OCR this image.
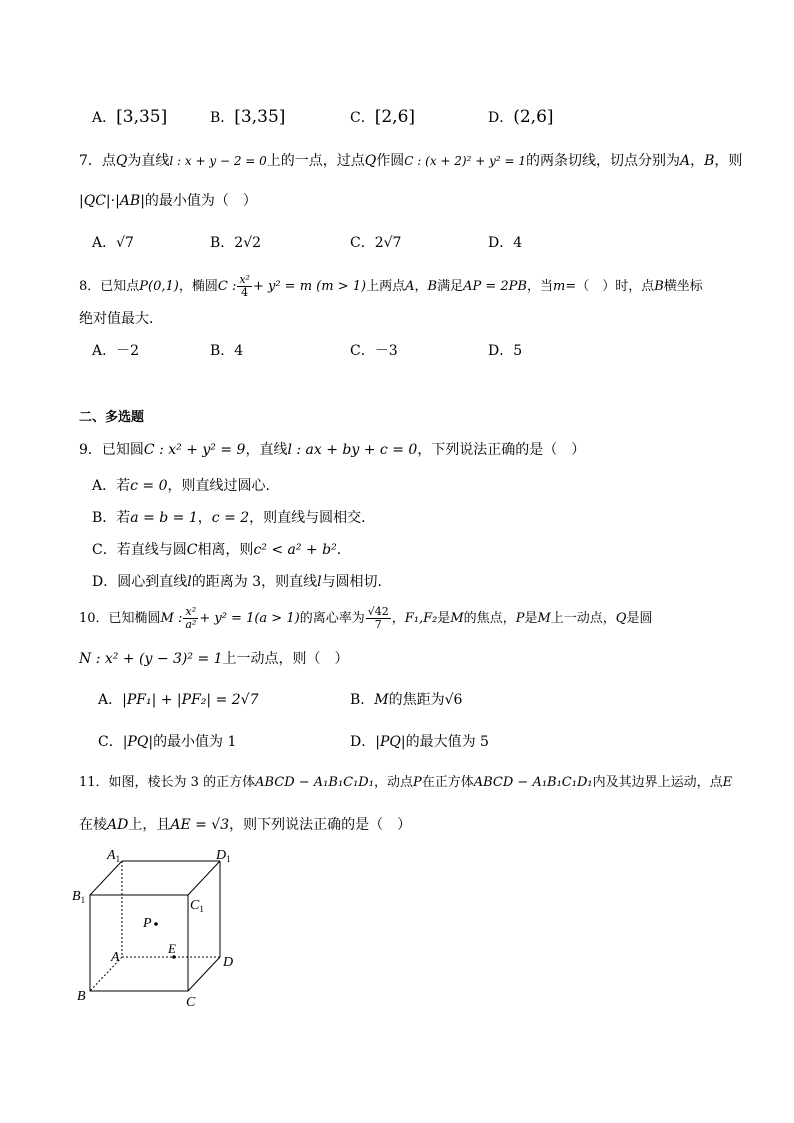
A．[3,35]	B．[3,35]	C．[2,6]	D．(2,6]
7．点Q为直线l : x + y − 2 = 0上的一点，过点Q作圆C : (x + 2)² + y² = 1的两条切线，切点分别为A，B，则
|QC|·|AB|的最小值为（　）
A．√7	B．2√2	C．2√7	D．4
8．已知点P(0,1)，椭圆C : $\frac{\text{x²}}{4} + y^2 = m$ (m > 1)上两点A，B满足AP = 2PB，当m=（　）时，点B横坐标
绝对值最大．
A．－2	B．4	C．－3	D．5
二、多选题
9．已知圆C : x² + y² = 9，直线l : ax + by + c = 0，下列说法正确的是（　）
A．若c = 0，则直线过圆心．
B．若a = b = 1，c = 2，则直线与圆相交．
C．若直线与圆C相离，则c² < a² + b²．
D．圆心到直线l的距离为 3，则直线l与圆相切．
10．已知椭圆M : $\frac{\text{x²}}{\text{a²}} + y^2 = 1(a > 1)$的离心率为 $\frac{√42}{7}$ ，F₁,F₂是M的焦点，P是M上一动点，Q是圆
N : x² + (y − 3)² = 1上一动点，则（　）
A．|PF₁| + |PF₂| = 2√7	B．M的焦距为√6
C．|PQ|的最小值为 1	D．|PQ|的最大值为 5
11．如图，棱长为 3 的正方体ABCD − A₁B₁C₁D₁，动点P在正方体ABCD − A₁B₁C₁D₁内及其边界上运动，点E
在棱AD上，且AE = √3，则下列说法正确的是（　）
$A_1$	$D_1$
$B_1$	$C_1$
A	D
B	C
P
E
